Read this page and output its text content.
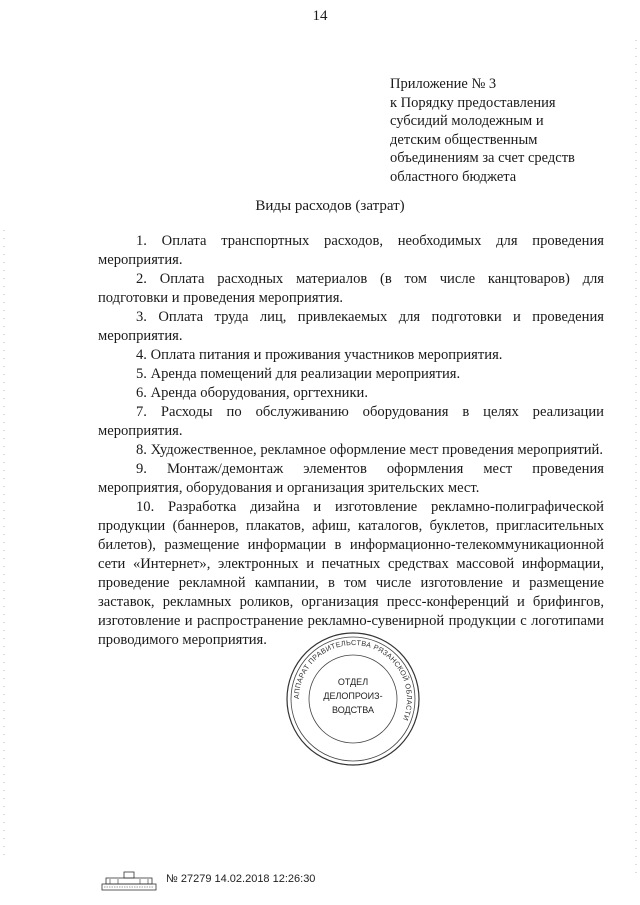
14
Приложение № 3
к Порядку предоставления
субсидий молодежным и
детским общественным
объединениям за счет средств
областного бюджета
Виды расходов (затрат)

1. Оплата транспортных расходов, необходимых для проведения мероприятия.

2. Оплата расходных материалов (в том числе канцтоваров) для подготовки и проведения мероприятия.

3. Оплата труда лиц, привлекаемых для подготовки и проведения мероприятия.

4. Оплата питания и проживания участников мероприятия.

5. Аренда помещений для реализации мероприятия.

6. Аренда оборудования, оргтехники.

7. Расходы по обслуживанию оборудования в целях реализации мероприятия.

8. Художественное, рекламное оформление мест проведения мероприятий.

9. Монтаж/демонтаж элементов оформления мест проведения мероприятия, оборудования и организация зрительских мест.

10. Разработка дизайна и изготовление рекламно-полиграфической продукции (баннеров, плакатов, афиш, каталогов, буклетов, пригласительных билетов), размещение информации в информационно-телекоммуникационной сети «Интернет», электронных и печатных средствах массовой информации, проведение рекламной кампании, в том числе изготовление и размещение заставок, рекламных роликов, организация пресс-конференций и брифингов, изготовление и распространение рекламно-сувенирной продукции с логотипами проводимого мероприятия.

АППАРАТ ПРАВИТЕЛЬСТВА РЯЗАНСКОЙ ОБЛАСТИ
ОТДЕЛ
ДЕЛОПРОИЗ-
ВОДСТВА
№ 27279 14.02.2018 12:26:30
